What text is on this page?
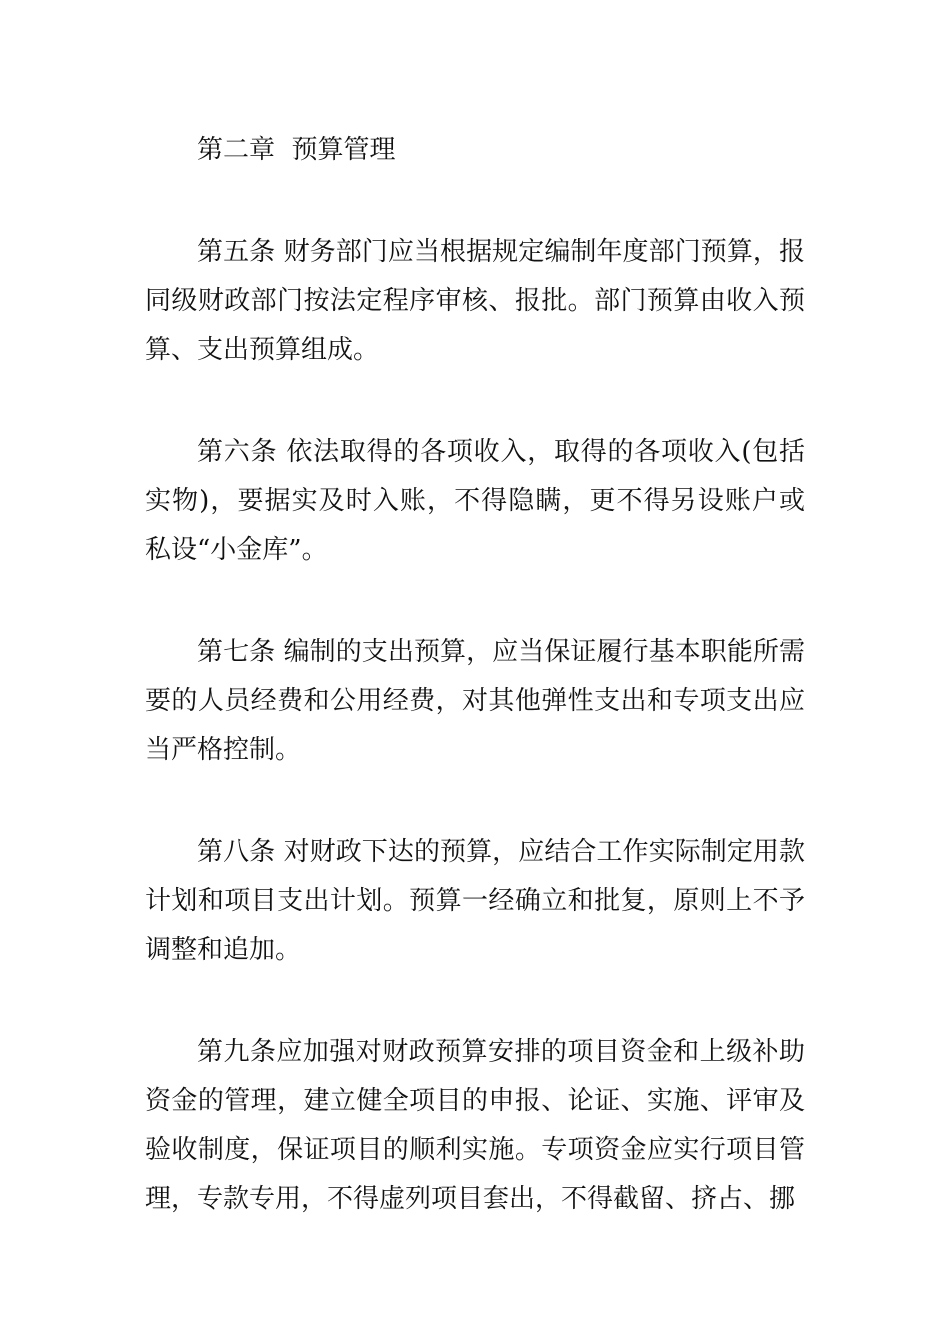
第二章  预算管理

第五条 财务部门应当根据规定编制年度部门预算，报同级财政部门按法定程序审核、报批。部门预算由收入预算、支出预算组成。

第六条 依法取得的各项收入，取得的各项收入(包括实物)，要据实及时入账，不得隐瞒，更不得另设账户或私设“小金库”。

第七条 编制的支出预算，应当保证履行基本职能所需要的人员经费和公用经费，对其他弹性支出和专项支出应当严格控制。

第八条 对财政下达的预算，应结合工作实际制定用款计划和项目支出计划。预算一经确立和批复，原则上不予调整和追加。

第九条应加强对财政预算安排的项目资金和上级补助资金的管理，建立健全项目的申报、论证、实施、评审及验收制度，保证项目的顺利实施。专项资金应实行项目管理，专款专用，不得虚列项目套出，不得截留、挤占、挪
